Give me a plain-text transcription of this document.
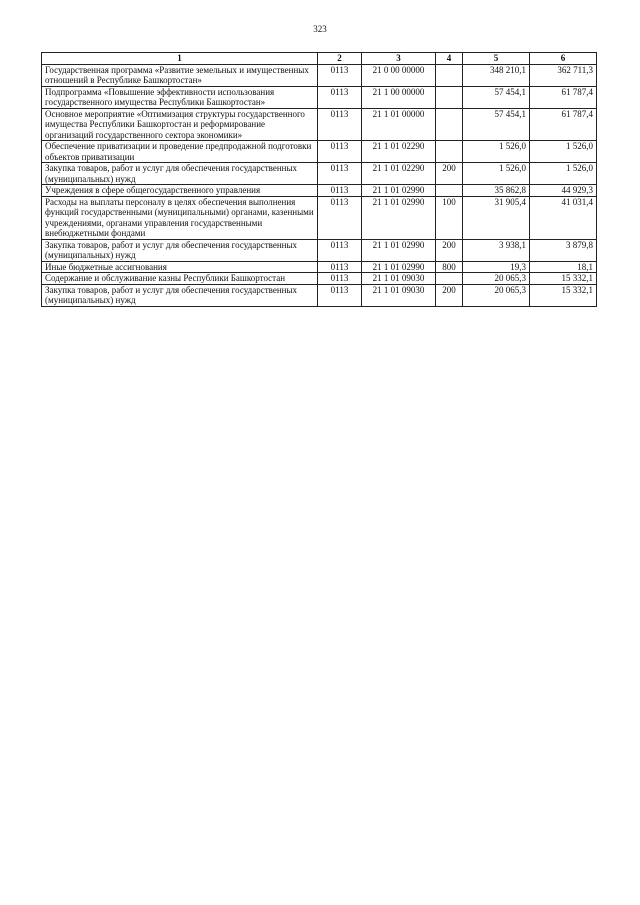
323
1	2	3	4	5	6
Государственная программа «Развитие земельных и имущественных отношений в Республике Башкортостан»	0113	21 0 00 00000		348 210,1	362 711,3
Подпрограмма «Повышение эффективности использования государственного имущества Республики Башкортостан»	0113	21 1 00 00000		57 454,1	61 787,4
Основное мероприятие «Оптимизация структуры государственного имущества Республики Башкортостан и реформирование организаций государственного сектора экономики»	0113	21 1 01 00000		57 454,1	61 787,4
Обеспечение приватизации и проведение предпродажной подготовки объектов приватизации	0113	21 1 01 02290		1 526,0	1 526,0
Закупка товаров, работ и услуг для обеспечения государственных (муниципальных) нужд	0113	21 1 01 02290	200	1 526,0	1 526,0
Учреждения в сфере общегосударственного управления	0113	21 1 01 02990		35 862,8	44 929,3
Расходы на выплаты персоналу в целях обеспечения выполнения функций государственными (муниципальными) органами, казенными учреждениями, органами управления государственными внебюджетными фондами	0113	21 1 01 02990	100	31 905,4	41 031,4
Закупка товаров, работ и услуг для обеспечения государственных (муниципальных) нужд	0113	21 1 01 02990	200	3 938,1	3 879,8
Иные бюджетные ассигнования	0113	21 1 01 02990	800	19,3	18,1
Содержание и обслуживание казны Республики Башкортостан	0113	21 1 01 09030		20 065,3	15 332,1
Закупка товаров, работ и услуг для обеспечения государственных (муниципальных) нужд	0113	21 1 01 09030	200	20 065,3	15 332,1
